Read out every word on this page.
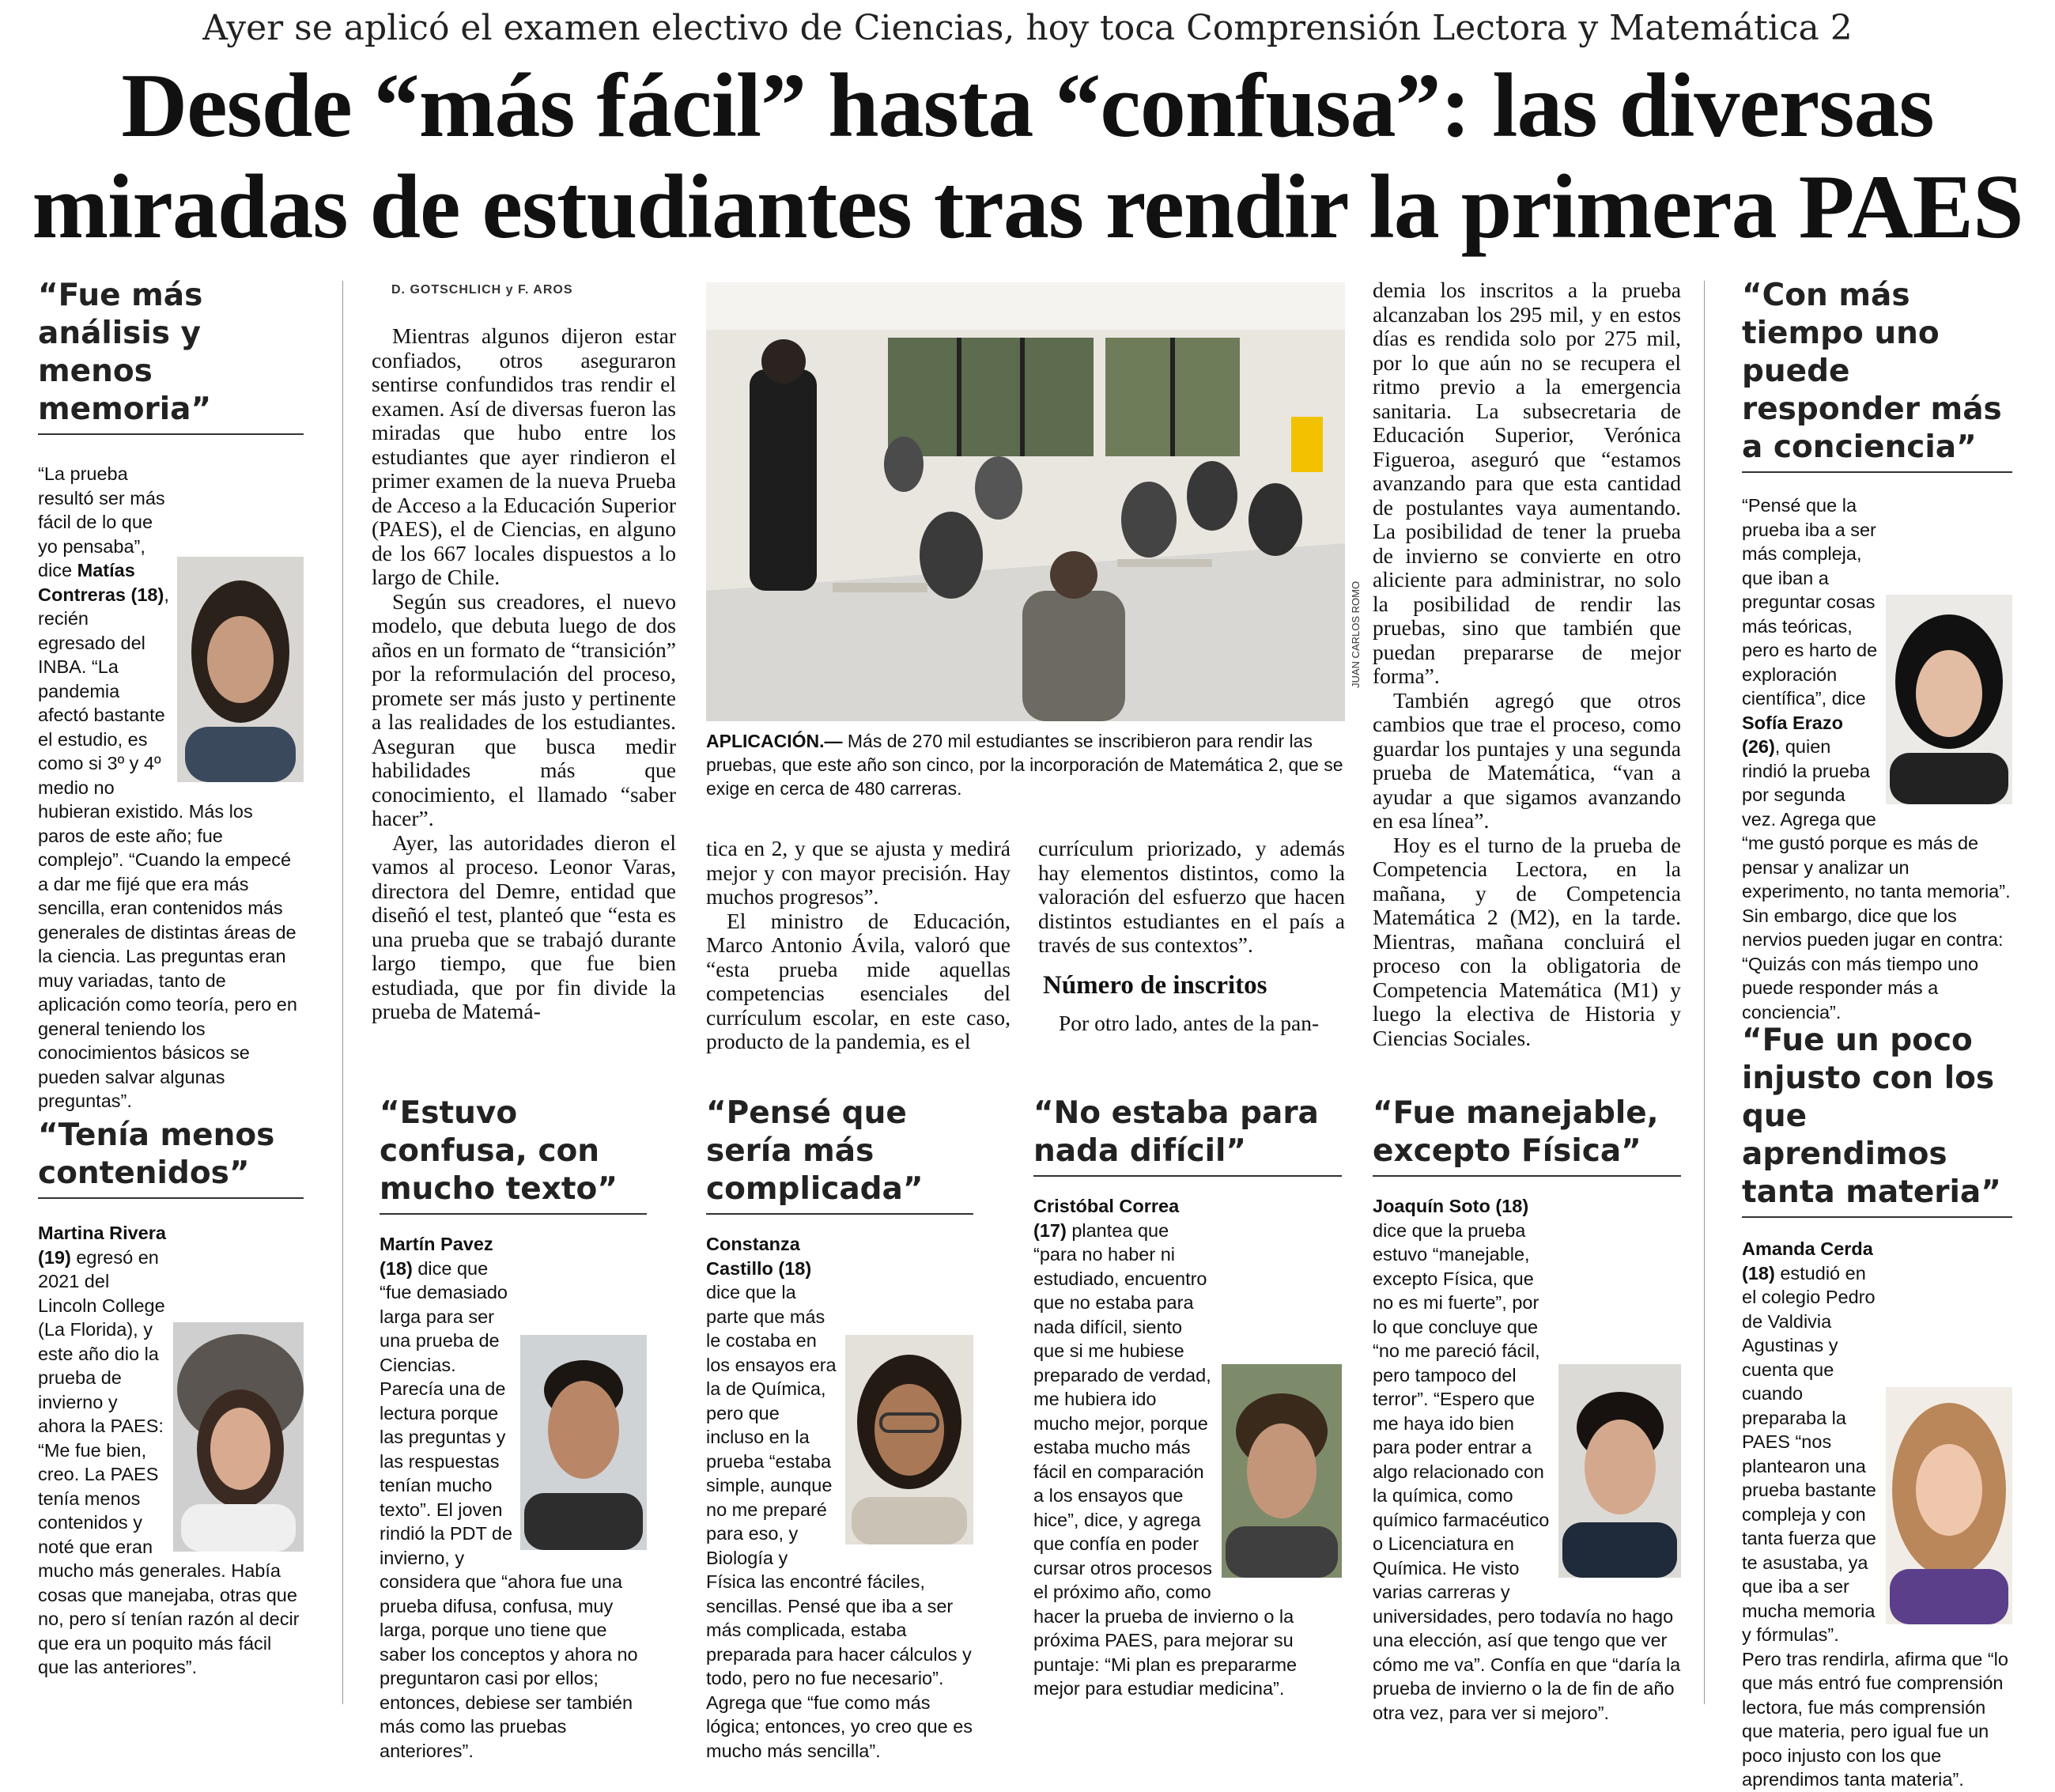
Ayer se aplicó el examen electivo de Ciencias, hoy toca Comprensión Lectora y Matemática 2
Desde “más fácil” hasta “confusa”: las diversas
miradas de estudiantes tras rendir la primera PAES
“Fue más análisis y menos memoria”
“La prueba resultó ser más fácil de lo que yo pensaba”, dice Matías Contreras (18), recién egresado del INBA. “La pandemia afectó bastante el estudio, es como si 3º y 4º medio no hubieran existido. Más los paros de este año; fue complejo”. “Cuando la empecé a dar me fijé que era más sencilla, eran contenidos más generales de distintas áreas de la ciencia. Las preguntas eran muy variadas, tanto de aplicación como teoría, pero en general teniendo los conocimientos básicos se pueden salvar algunas preguntas”.
“Tenía menos contenidos”
Martina Rivera (19) egresó en 2021 del Lincoln College (La Florida), y este año dio la prueba de invierno y ahora la PAES: “Me fue bien, creo. La PAES tenía menos contenidos y noté que eran mucho más generales. Había cosas que manejaba, otras que no, pero sí tenían razón al decir que era un poquito más fácil que las anteriores”.
D. GOTSCHLICH y F. AROS

Mientras algunos dijeron estar confiados, otros aseguraron sentirse confundidos tras rendir el examen. Así de diversas fueron las miradas que hubo entre los estudiantes que ayer rindieron el primer examen de la nueva Prueba de Acceso a la Educación Superior (PAES), el de Ciencias, en alguno de los 667 locales dispuestos a lo largo de Chile.

Según sus creadores, el nuevo modelo, que debuta luego de dos años en un formato de “transición” por la reformulación del proceso, promete ser más justo y pertinente a las realidades de los estudiantes. Aseguran que busca medir habilidades más que conocimiento, el llamado “saber hacer”.

Ayer, las autoridades dieron el vamos al proceso. Leonor Varas, directora del Demre, entidad que diseñó el test, planteó que “esta es una prueba que se trabajó durante largo tiempo, que fue bien estudiada, que por fin divide la prueba de Matemá-

JUAN CARLOS ROMO
APLICACIÓN.— Más de 270 mil estudiantes se inscribieron para rendir las pruebas, que este año son cinco, por la incorporación de Matemática 2, que se exige en cerca de 480 carreras.

tica en 2, y que se ajusta y medirá mejor y con mayor precisión. Hay muchos progresos”.

El ministro de Educación, Marco Antonio Ávila, valoró que “esta prueba mide aquellas competencias esenciales del currículum escolar, en este caso, producto de la pandemia, es el

currículum priorizado, y además hay elementos distintos, como la valoración del esfuerzo que hacen distintos estudiantes en el país a través de sus contextos”.

Número de inscritos

Por otro lado, antes de la pan-

demia los inscritos a la prueba alcanzaban los 295 mil, y en estos días es rendida solo por 275 mil, por lo que aún no se recupera el ritmo previo a la emergencia sanitaria. La subsecretaria de Educación Superior, Verónica Figueroa, aseguró que “estamos avanzando para que esta cantidad de postulantes vaya aumentando. La posibilidad de tener la prueba de invierno se convierte en otro aliciente para administrar, no solo la posibilidad de rendir las pruebas, sino que también que puedan prepararse de mejor forma”.

También agregó que otros cambios que trae el proceso, como guardar los puntajes y una segunda prueba de Matemática, “van a ayudar a que sigamos avanzando en esa línea”.

Hoy es el turno de la prueba de Competencia Lectora, en la mañana, y de Competencia Matemática 2 (M2), en la tarde. Mientras, mañana concluirá el proceso con la obligatoria de Competencia Matemática (M1) y luego la electiva de Historia y Ciencias Sociales.

“Con más tiempo uno puede responder más a conciencia”
“Pensé que la prueba iba a ser más compleja, que iban a preguntar cosas más teóricas, pero es harto de exploración científica”, dice Sofía Erazo (26), quien rindió la prueba por segunda vez. Agrega que “me gustó porque es más de pensar y analizar un experimento, no tanta memoria”. Sin embargo, dice que los nervios pueden jugar en contra: “Quizás con más tiempo uno puede responder más a conciencia”.
“Fue un poco injusto con los que aprendimos tanta materia”
Amanda Cerda (18) estudió en el colegio Pedro de Valdivia Agustinas y cuenta que cuando preparaba la PAES “nos plantearon una prueba bastante compleja y con tanta fuerza que te asustaba, ya que iba a ser mucha memoria y fórmulas”. Pero tras rendirla, afirma que “lo que más entró fue comprensión lectora, fue más comprensión que materia, pero igual fue un poco injusto con los que aprendimos tanta materia”.
“Estuvo confusa, con mucho texto”
Martín Pavez (18) dice que “fue demasiado larga para ser una prueba de Ciencias. Parecía una de lectura porque las preguntas y las respuestas tenían mucho texto”. El joven rindió la PDT de invierno, y considera que “ahora fue una prueba difusa, confusa, muy larga, porque uno tiene que saber los conceptos y ahora no preguntaron casi por ellos; entonces, debiese ser también más como las pruebas anteriores”.
“Pensé que sería más complicada”
Constanza Castillo (18) dice que la parte que más le costaba en los ensayos era la de Química, pero que incluso en la prueba “estaba simple, aunque no me preparé para eso, y Biología y Física las encontré fáciles, sencillas. Pensé que iba a ser más complicada, estaba preparada para hacer cálculos y todo, pero no fue necesario”. Agrega que “fue como más lógica; entonces, yo creo que es mucho más sencilla”.
“No estaba para nada difícil”
Cristóbal Correa (17) plantea que “para no haber ni estudiado, encuentro que no estaba para nada difícil, siento que si me hubiese preparado de verdad, me hubiera ido mucho mejor, porque estaba mucho más fácil en comparación a los ensayos que hice”, dice, y agrega que confía en poder cursar otros procesos el próximo año, como hacer la prueba de invierno o la próxima PAES, para mejorar su puntaje: “Mi plan es prepararme mejor para estudiar medicina”.
“Fue manejable, excepto Física”
Joaquín Soto (18) dice que la prueba estuvo “manejable, excepto Física, que no es mi fuerte”, por lo que concluye que “no me pareció fácil, pero tampoco del terror”. “Espero que me haya ido bien para poder entrar a algo relacionado con la química, como químico farmacéutico o Licenciatura en Química. He visto varias carreras y universidades, pero todavía no hago una elección, así que tengo que ver cómo me va”. Confía en que “daría la prueba de invierno o la de fin de año otra vez, para ver si mejoro”.
